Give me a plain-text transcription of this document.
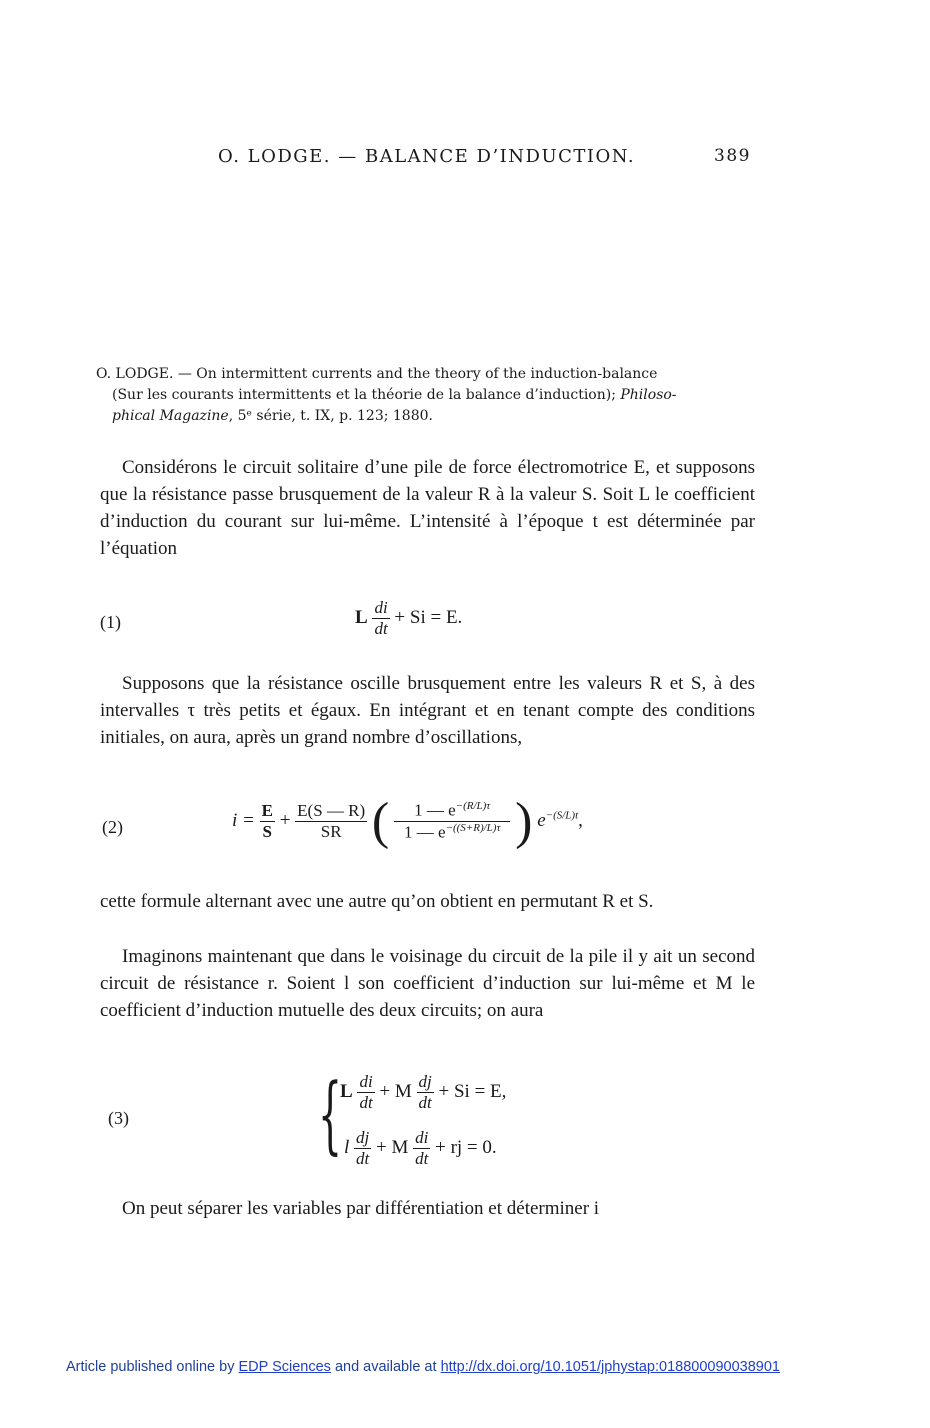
O. LODGE. — BALANCE D’INDUCTION.	389
O. LODGE. — On intermittent currents and the theory of the induction-balance
(Sur les courants intermittents et la théorie de la balance d’induction); Philoso-
phical Magazine, 5ᵉ série, t. IX, p. 123; 1880.
Considérons le circuit solitaire d’une pile de force électromotrice E, et supposons que la résistance passe brusquement de la valeur R à la valeur S. Soit L le coefficient d’induction du courant sur lui-même. L’intensité à l’époque t est déterminée par l’équation
(1)	L $\frac{di}{dt} + Si = E$.
Supposons que la résistance oscille brusquement entre les valeurs R et S, à des intervalles τ très petits et égaux. En intégrant et en tenant compte des conditions initiales, on aura, après un grand nombre d’oscillations,
(2)	$i = \frac{E}{S} + \frac{E(S — R)}{SR}$ ( $\frac{1 — e^{-(R/L)\tau}}{1 — e^{-((S+R)/L)\tau}}$ ) $e^{-(S/L)t}$,
cette formule alternant avec une autre qu’on obtient en permutant R et S.
Imaginons maintenant que dans le voisinage du circuit de la pile il y ait un second circuit de résistance r. Soient l son coefficient d’induction sur lui-même et M le coefficient d’induction mutuelle des deux circuits; on aura
(3) {
L $\frac{di}{dt} + M \frac{dj}{dt} + Si = E$,
l $\frac{dj}{dt} + M \frac{di}{dt}$ + rj = 0.
On peut séparer les variables par différentiation et déterminer i
Article published online by EDP Sciences and available at http://dx.doi.org/10.1051/jphystap:018800090038901
